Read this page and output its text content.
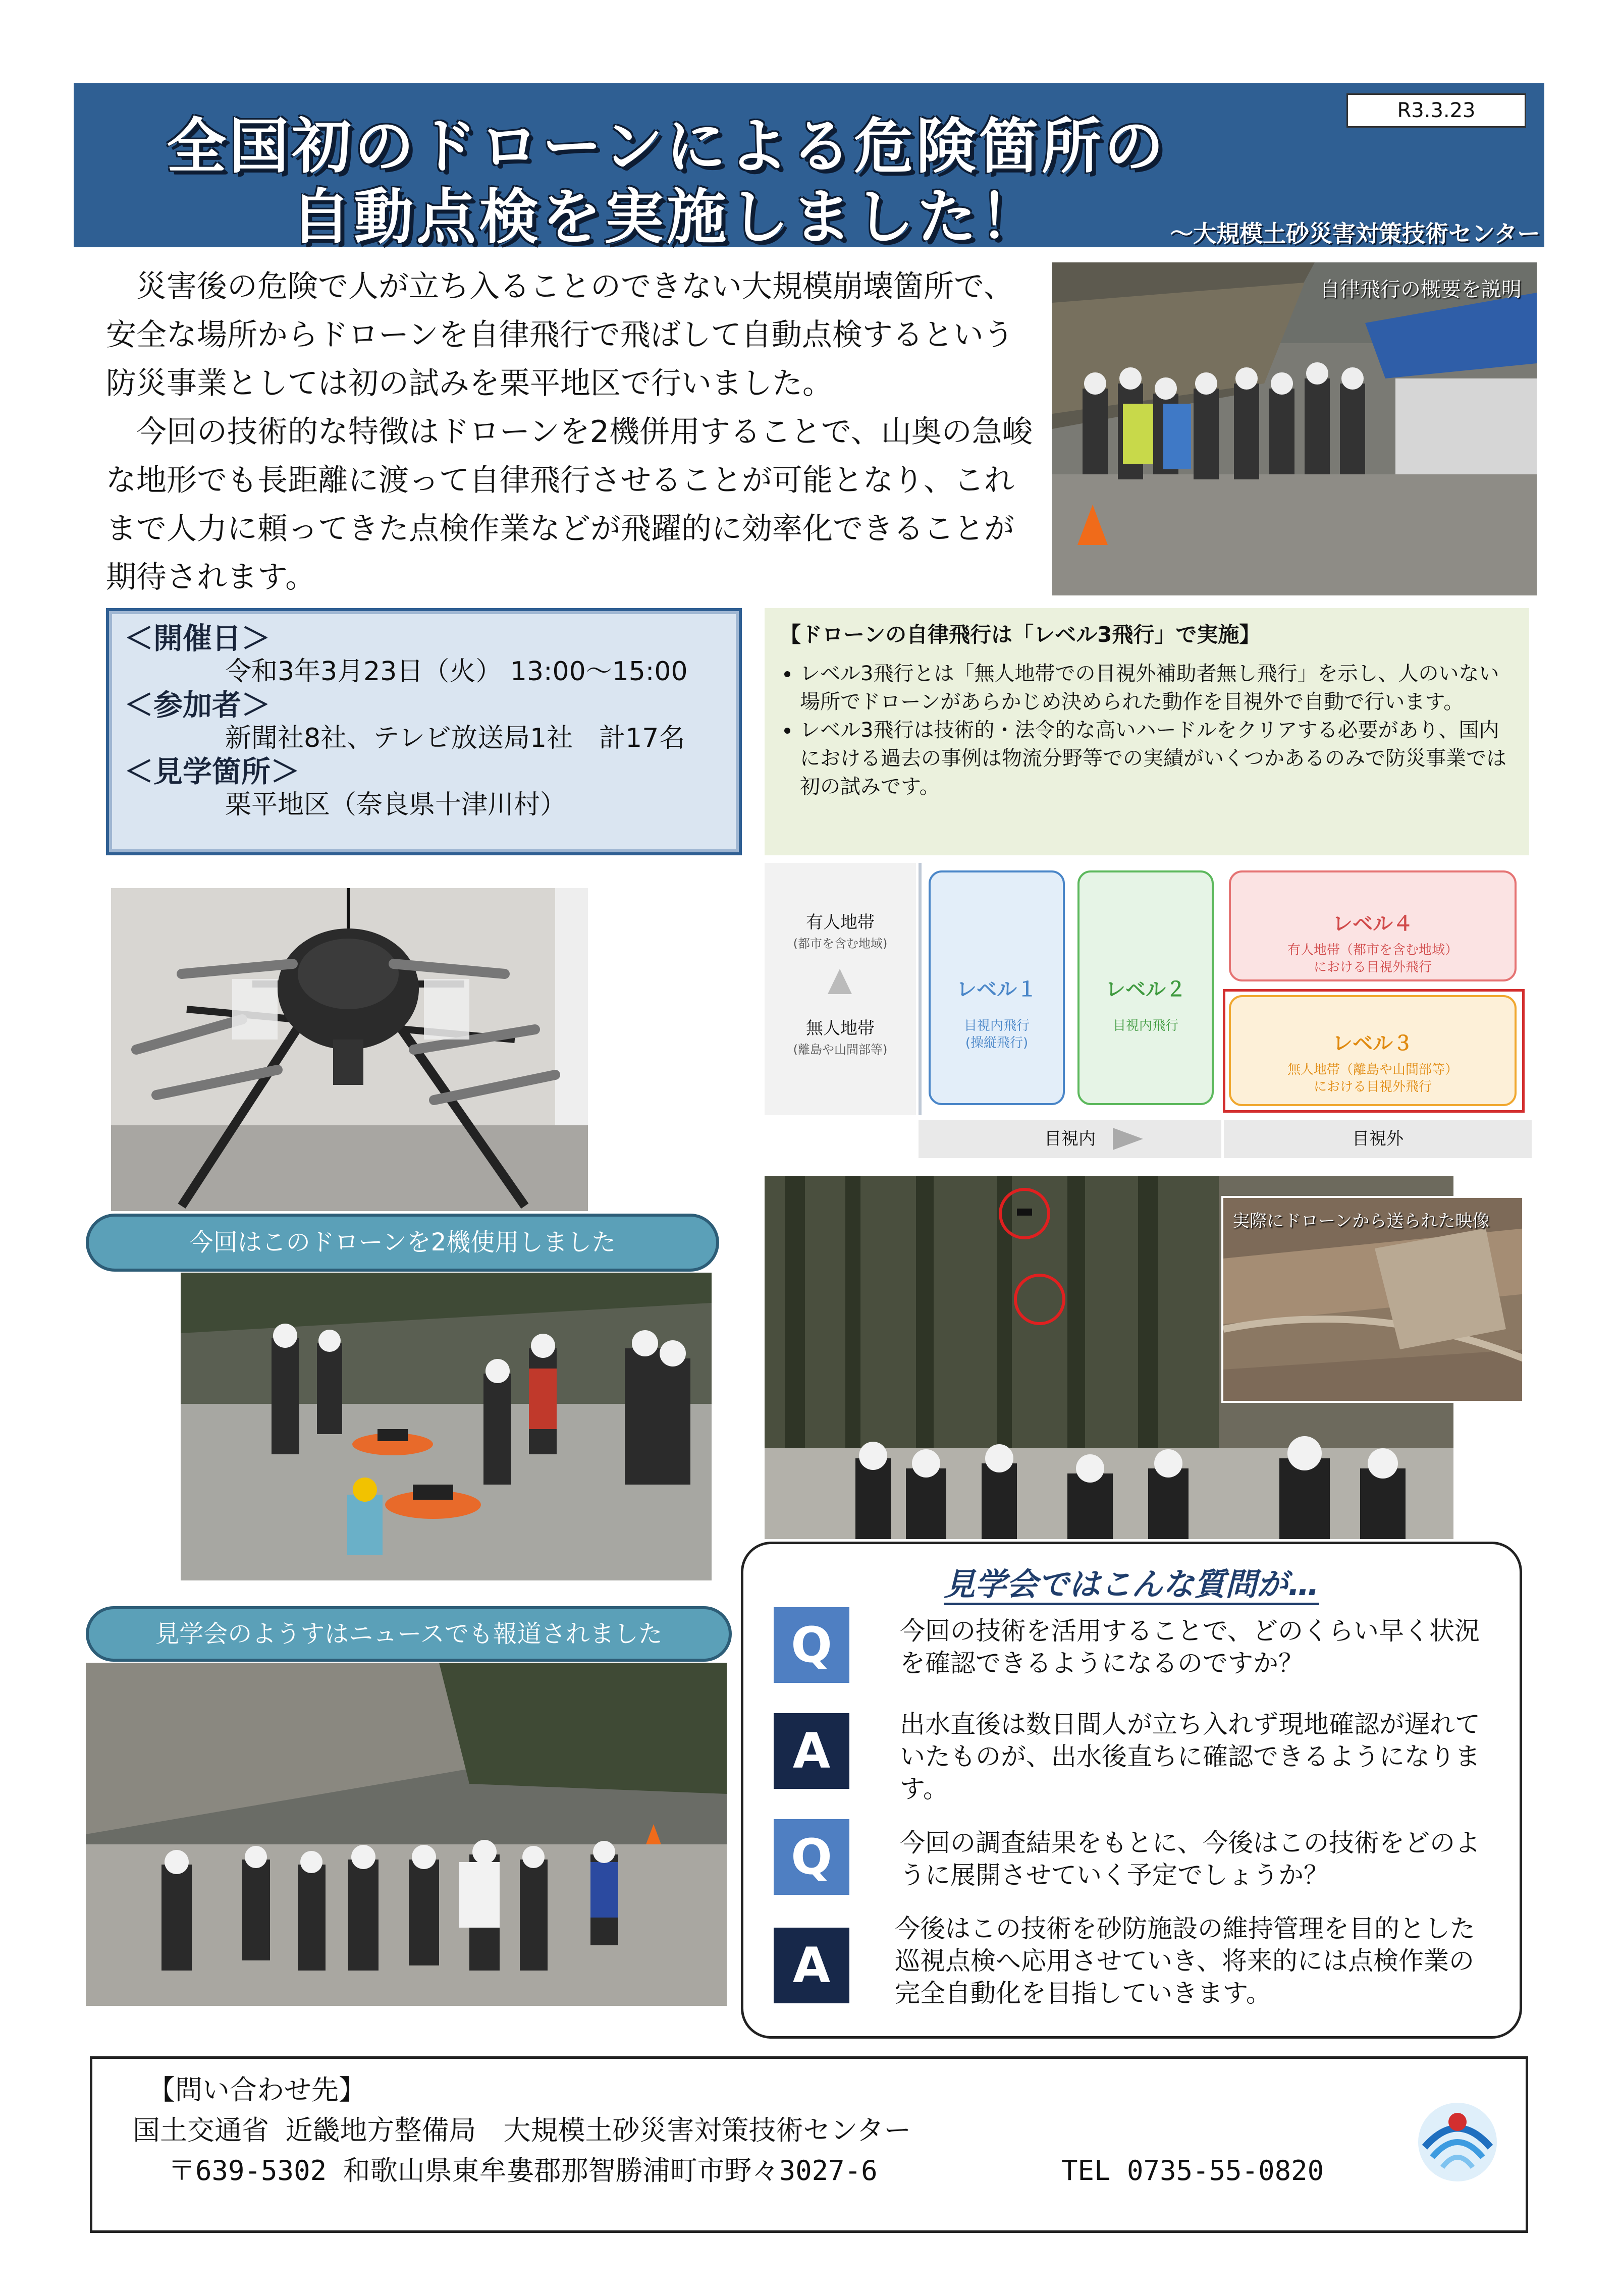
全国初のドローンによる危険箇所の
自動点検を実施しました！
R3.3.23
～大規模土砂災害対策技術センター

災害後の危険で人が立ち入ることのできない大規模崩壊箇所で、安全な場所からドローンを自律飛行で飛ばして自動点検するという防災事業としては初の試みを栗平地区で行いました。

今回の技術的な特徴はドローンを2機併用することで、山奥の急峻な地形でも長距離に渡って自律飛行させることが可能となり、これまで人力に頼ってきた点検作業などが飛躍的に効率化できることが期待されます。

自律飛行の概要を説明
＜開催日＞
令和3年3月23日（火） 13:00～15:00
＜参加者＞
新聞社8社、テレビ放送局1社　計17名
＜見学箇所＞
栗平地区（奈良県十津川村）
【ドローンの自律飛行は「レベル3飛行」で実施】
• レベル3飛行とは「無人地帯での目視外補助者無し飛行」を示し、人のいない場所でドローンがあらかじめ決められた動作を目視外で自動で行います。
• レベル3飛行は技術的・法令的な高いハードルをクリアする必要があり、国内における過去の事例は物流分野等での実績がいくつかあるのみで防災事業では初の試みです。
有人地帯
(都市を含む地域)
無人地帯
(離島や山間部等)
レベル１
目視内飛行
(操縦飛行)
レベル２
目視内飛行
レベル４
有人地帯（都市を含む地域）
における目視外飛行
レベル３
無人地帯（離島や山間部等）
における目視外飛行
目視内	目視外
今回はこのドローンを2機使用しました
実際にドローンから送られた映像
見学会のようすはニュースでも報道されました
見学会ではこんな質問が…
Q	今回の技術を活用することで、どのくらい早く状況を確認できるようになるのですか？
A	出水直後は数日間人が立ち入れず現地確認が遅れていたものが、出水後直ちに確認できるようになります。
Q	今回の調査結果をもとに、今後はこの技術をどのように展開させていく予定でしょうか？
A
今後はこの技術を砂防施設の維持管理を目的とした巡視点検へ応用させていき、将来的には点検作業の完全自動化を目指していきます。
【問い合わせ先】
国土交通省 近畿地方整備局　大規模土砂災害対策技術センター
〒639-5302 和歌山県東牟婁郡那智勝浦町市野々3027-6	TEL 0735-55-0820
